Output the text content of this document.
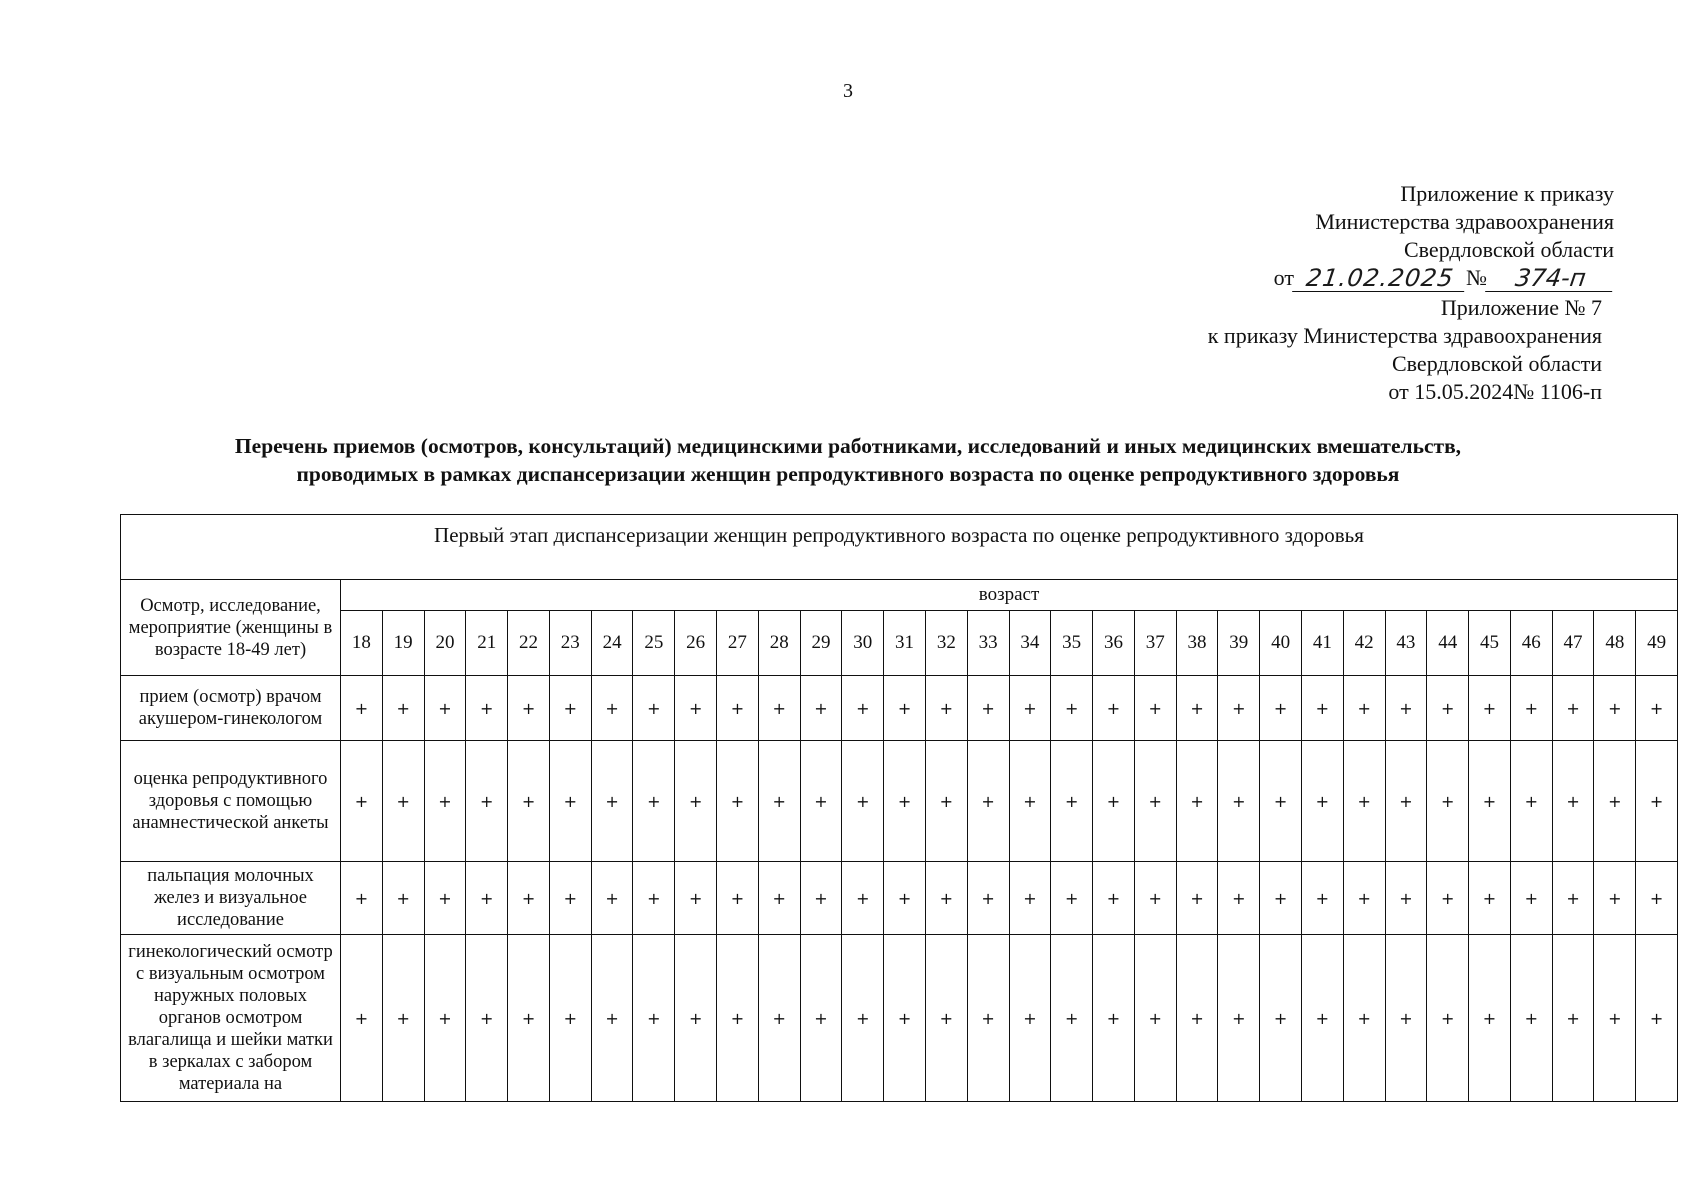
3
Приложение к приказу
Министерства здравоохранения
Свердловской области
от 21.02.2025 №	374-п
Приложение № 7
к приказу Министерства здравоохранения
Свердловской области
от 15.05.2024№ 1106-п
Перечень приемов (осмотров, консультаций) медицинскими работниками, исследований и иных медицинских вмешательств,
проводимых в рамках диспансеризации женщин репродуктивного возраста по оценке репродуктивного здоровья
Первый этап диспансеризации женщин репродуктивного возраста по оценке репродуктивного здоровья																																
Осмотр, исследование, мероприятие (женщины в возрасте 18-49 лет)	возраст																															
	18	19	20	21	22	23	24	25	26	27	28	29	30	31	32	33	34	35	36	37	38	39	40	41	42	43	44	45	46	47	48	49
прием (осмотр) врачом акушером-гинекологом	+	+	+	+	+	+	+	+	+	+	+	+	+	+	+	+	+	+	+	+	+	+	+	+	+	+	+	+	+	+	+	+
оценка репродуктивного здоровья с помощью анамнестической анкеты	+	+	+	+	+	+	+	+	+	+	+	+	+	+	+	+	+	+	+	+	+	+	+	+	+	+	+	+	+	+	+	+
пальпация молочных желез и визуальное исследование	+	+	+	+	+	+	+	+	+	+	+	+	+	+	+	+	+	+	+	+	+	+	+	+	+	+	+	+	+	+	+	+
гинекологический осмотр с визуальным осмотром наружных половых органов осмотром влагалища и шейки матки в зеркалах с забором материала на	+	+	+	+	+	+	+	+	+	+	+	+	+	+	+	+	+	+	+	+	+	+	+	+	+	+	+	+	+	+	+	+
